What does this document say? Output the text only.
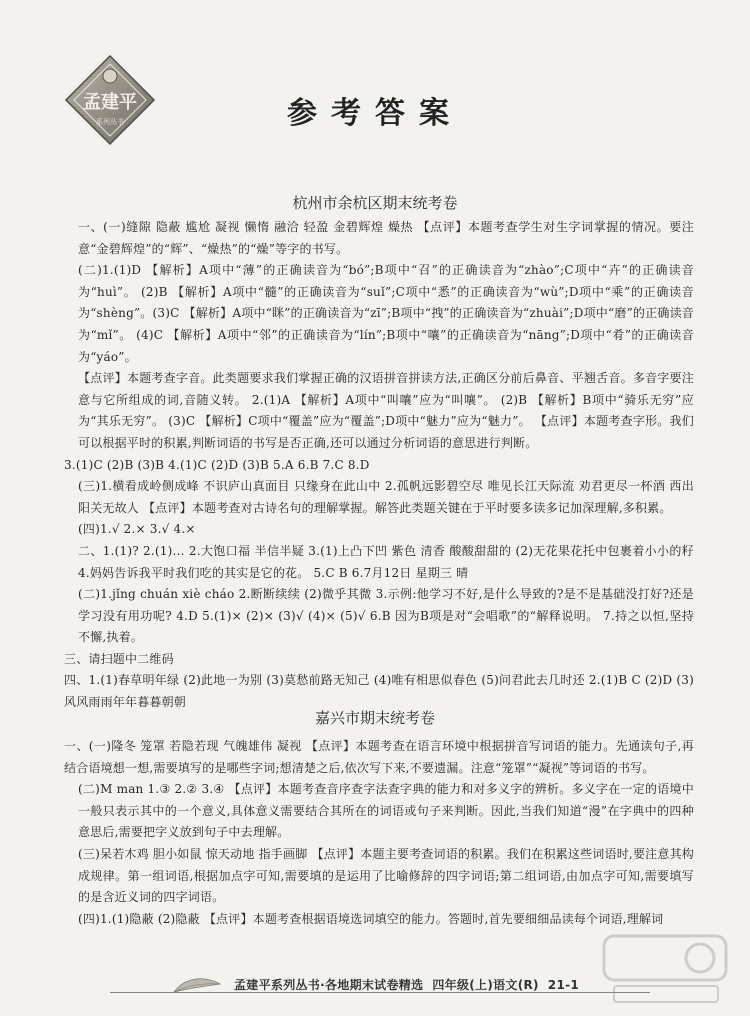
孟建平
系列丛书	参考答案
杭州市余杭区期末统考卷

一、(一)缝隙 隐蔽 尴尬 凝视 懒惰 融洽 轻盈 金碧辉煌 燥热 【点评】本题考查学生对生字词掌握的情况。要注意“金碧辉煌”的“辉”、“燥热”的“燥”等字的书写。

(二)1.(1)D 【解析】A项中“薄”的正确读音为“bó”;B项中“召”的正确读音为“zhào”;C项中“卉”的正确读音为“huì”。 (2)B 【解析】A项中“髓”的正确读音为“suǐ”;C项中“悉”的正确读音为“wù”;D项中“乘”的正确读音为“shèng”。(3)C 【解析】A项中“眯”的正确读音为“zī”;B项中“拽”的正确读音为“zhuài”;D项中“磨”的正确读音为“mǐ”。 (4)C 【解析】A项中“邻”的正确读音为“lín”;B项中“嚷”的正确读音为“nāng”;D项中“肴”的正确读音为“yáo”。

【点评】本题考查字音。此类题要求我们掌握正确的汉语拼音拼读方法,正确区分前后鼻音、平翘舌音。多音字要注意与它所组成的词,音随义转。 2.(1)A 【解析】A项中“叫嚷”应为“叫嚷”。 (2)B 【解析】B项中“骑乐无穷”应为“其乐无穷”。 (3)C 【解析】C项中“覆盖”应为“覆盖”;D项中“魅力”应为“魅力”。 【点评】本题考查字形。我们可以根据平时的积累,判断词语的书写是否正确,还可以通过分析词语的意思进行判断。

3.(1)C (2)B (3)B 4.(1)C (2)D (3)B 5.A 6.B 7.C 8.D

(三)1.横看成岭侧成峰 不识庐山真面目 只缘身在此山中 2.孤帆远影碧空尽 唯见长江天际流 劝君更尽一杯酒 西出阳关无故人 【点评】本题考查对古诗名句的理解掌握。解答此类题关键在于平时要多读多记加深理解,多积累。

(四)1.√ 2.× 3.√ 4.×

二、1.(1)? 2.(1)… 2.大饱口福 半信半疑 3.(1)上凸下凹 紫色 清香 酸酸甜甜的 (2)无花果花托中包裹着小小的籽 4.妈妈告诉我平时我们吃的其实是它的花。 5.C B 6.7月12日 星期三 晴

(二)1.jǐng chuán xiè cháo 2.断断续续 (2)微乎其微 3.示例:他学习不好,是什么导致的?是不是基础没打好?还是学习没有用功呢? 4.D 5.(1)× (2)× (3)√ (4)× (5)√ 6.B 因为B项是对“会唱歌”的“解释说明。 7.持之以恒,坚持不懈,执着。

三、请扫题中二维码

四、1.(1)春草明年绿 (2)此地一为别 (3)莫愁前路无知己 (4)唯有相思似春色 (5)问君此去几时还 2.(1)B C (2)D (3)风风雨雨年年暮暮朝朝

嘉兴市期末统考卷

一、(一)隆冬 笼罩 若隐若现 气魄雄伟 凝视 【点评】本题考查在语言环境中根据拼音写词语的能力。先通读句子,再结合语境想一想,需要填写的是哪些字词;想清楚之后,依次写下来,不要遗漏。注意“笼罩”“凝视”等词语的书写。

(二)M man 1.③ 2.② 3.④ 【点评】本题考查音序查字法查字典的能力和对多义字的辨析。多义字在一定的语境中一般只表示其中的一个意义,具体意义需要结合其所在的词语或句子来判断。因此,当我们知道“漫”在字典中的四种意思后,需要把字义放到句子中去理解。

(三)呆若木鸡 胆小如鼠 惊天动地 指手画脚 【点评】本题主要考查词语的积累。我们在积累这些词语时,要注意其构成规律。第一组词语,根据加点字可知,需要填的是运用了比喻修辞的四字词语;第二组词语,由加点字可知,需要填写的是含近义词的四字词语。

(四)1.(1)隐蔽 (2)隐蔽 【点评】本题考查根据语境选词填空的能力。答题时,首先要细细品读每个词语,理解词

孟建平系列丛书·各地期末试卷精选 四年级(上)语文(R) 21-1
